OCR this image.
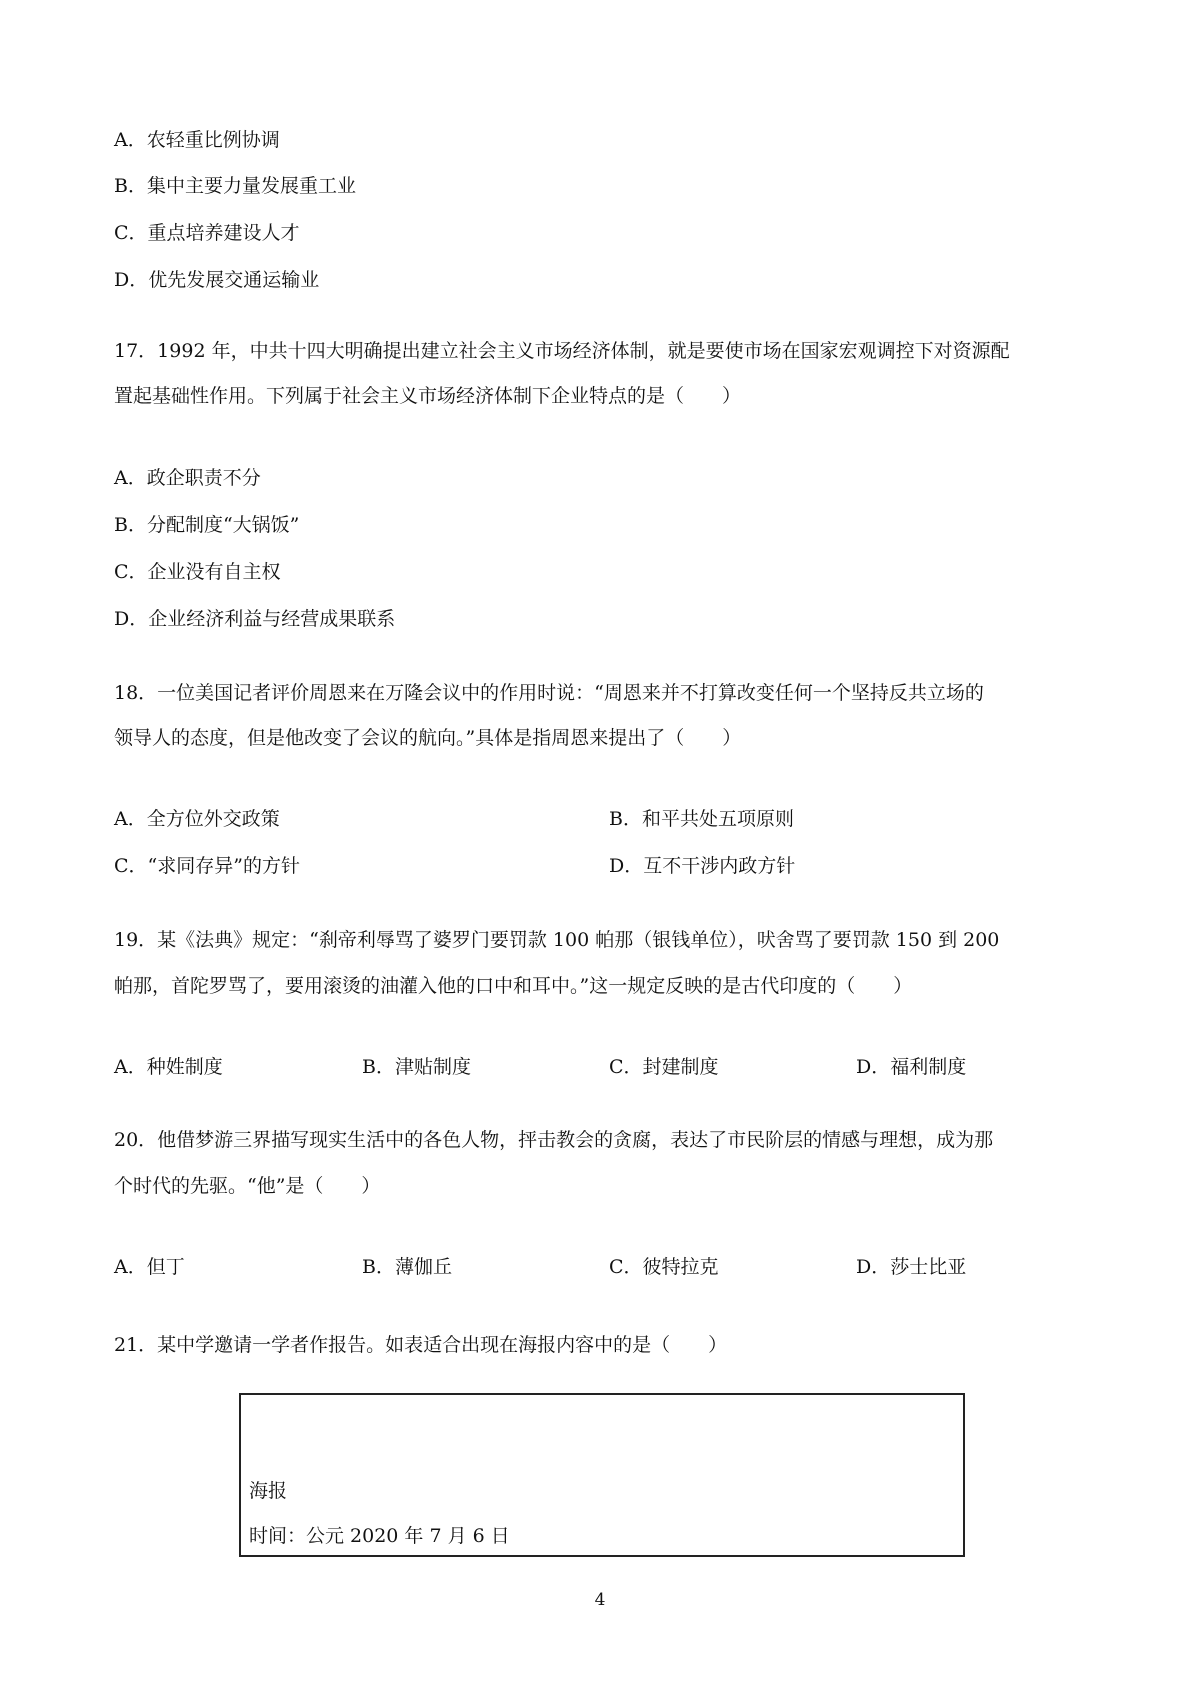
A．农轻重比例协调
B．集中主要力量发展重工业
C．重点培养建设人才
D．优先发展交通运输业
17．1992 年，中共十四大明确提出建立社会主义市场经济体制，就是要使市场在国家宏观调控下对资源配
置起基础性作用。下列属于社会主义市场经济体制下企业特点的是（　　）
A．政企职责不分
B．分配制度“大锅饭”
C．企业没有自主权
D．企业经济利益与经营成果联系
18．一位美国记者评价周恩来在万隆会议中的作用时说：“周恩来并不打算改变任何一个坚持反共立场的
领导人的态度，但是他改变了会议的航向。”具体是指周恩来提出了（　　）
A．全方位外交政策	B．和平共处五项原则
C．“求同存异”的方针	D．互不干涉内政方针
19．某《法典》规定：“刹帝利辱骂了婆罗门要罚款 100 帕那（银钱单位），吠舍骂了要罚款 150 到 200
帕那，首陀罗骂了，要用滚烫的油灌入他的口中和耳中。”这一规定反映的是古代印度的（　　）
A．种姓制度	B．津贴制度	C．封建制度	D．福利制度
20．他借梦游三界描写现实生活中的各色人物，抨击教会的贪腐，表达了市民阶层的情感与理想，成为那
个时代的先驱。“他”是（　　）
A．但丁	B．薄伽丘	C．彼特拉克	D．莎士比亚
21．某中学邀请一学者作报告。如表适合出现在海报内容中的是（　　）
海报
时间：公元 2020 年 7 月 6 日
4
